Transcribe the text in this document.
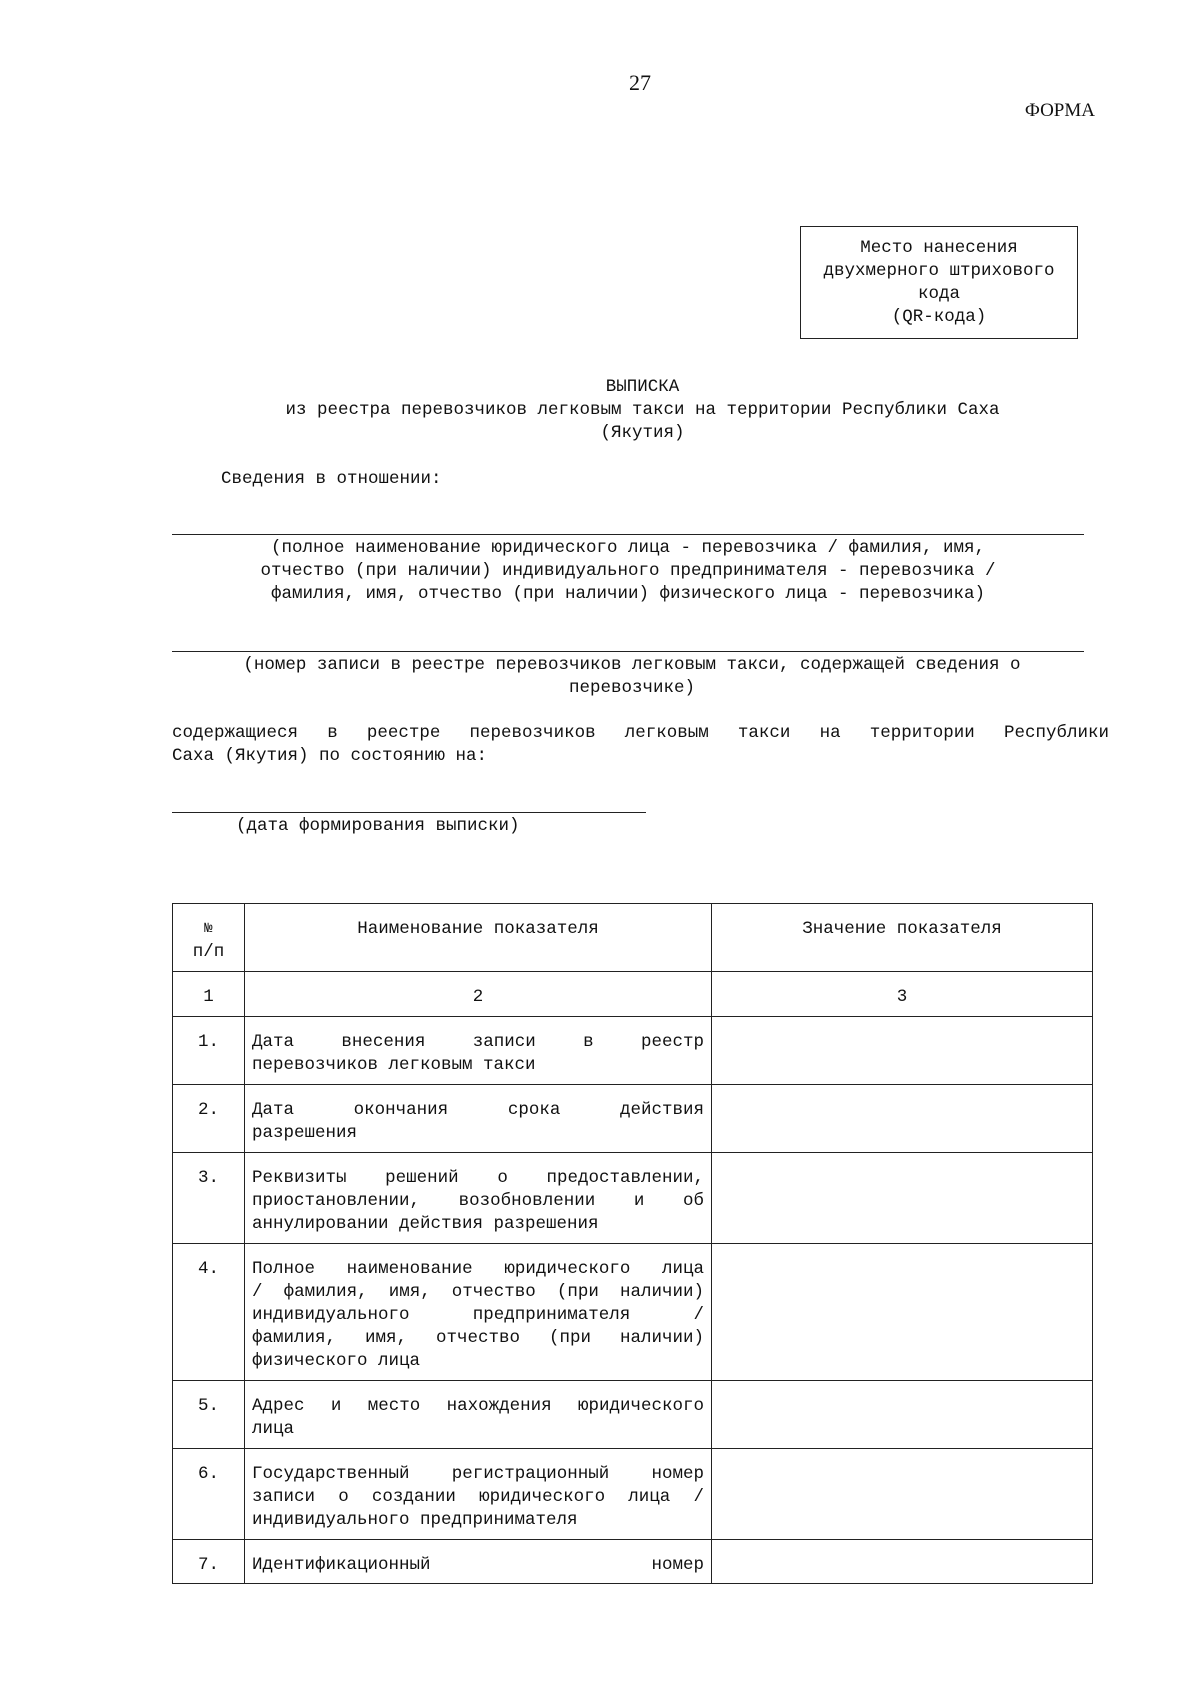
27
ФОРМА
Место нанесения
двухмерного штрихового
кода
(QR-кода)
ВЫПИСКА
из реестра перевозчиков легковым такси на территории Республики Саха
(Якутия)
Сведения в отношении:
(полное наименование юридического лица - перевозчика / фамилия, имя,
отчество (при наличии) индивидуального предпринимателя - перевозчика /
фамилия, имя, отчество (при наличии) физического лица - перевозчика)
(номер записи в реестре перевозчиков легковым такси, содержащей сведения о
перевозчике)
содержащиеся в реестре перевозчиков легковым такси на территории Республики
Саха (Якутия) по состоянию на:
(дата формирования выписки)
№
п/п	Наименование показателя	Значение показателя
1	2	3
1.	Дата внесения записи в реестр
перевозчиков легковым такси	

2.	Дата окончания срока действия
разрешения	

3.	Реквизиты решений о предоставлении,
приостановлении, возобновлении и об
аннулировании действия разрешения	

4.	Полное наименование юридического лица
/ фамилия, имя, отчество (при наличии)
индивидуального предпринимателя /
фамилия, имя, отчество (при наличии)
физического лица	

5.	Адрес и место нахождения юридического
лица	

6.	Государственный регистрационный номер
записи о создании юридического лица /
индивидуального предпринимателя	

7.	Идентификационный номер	
